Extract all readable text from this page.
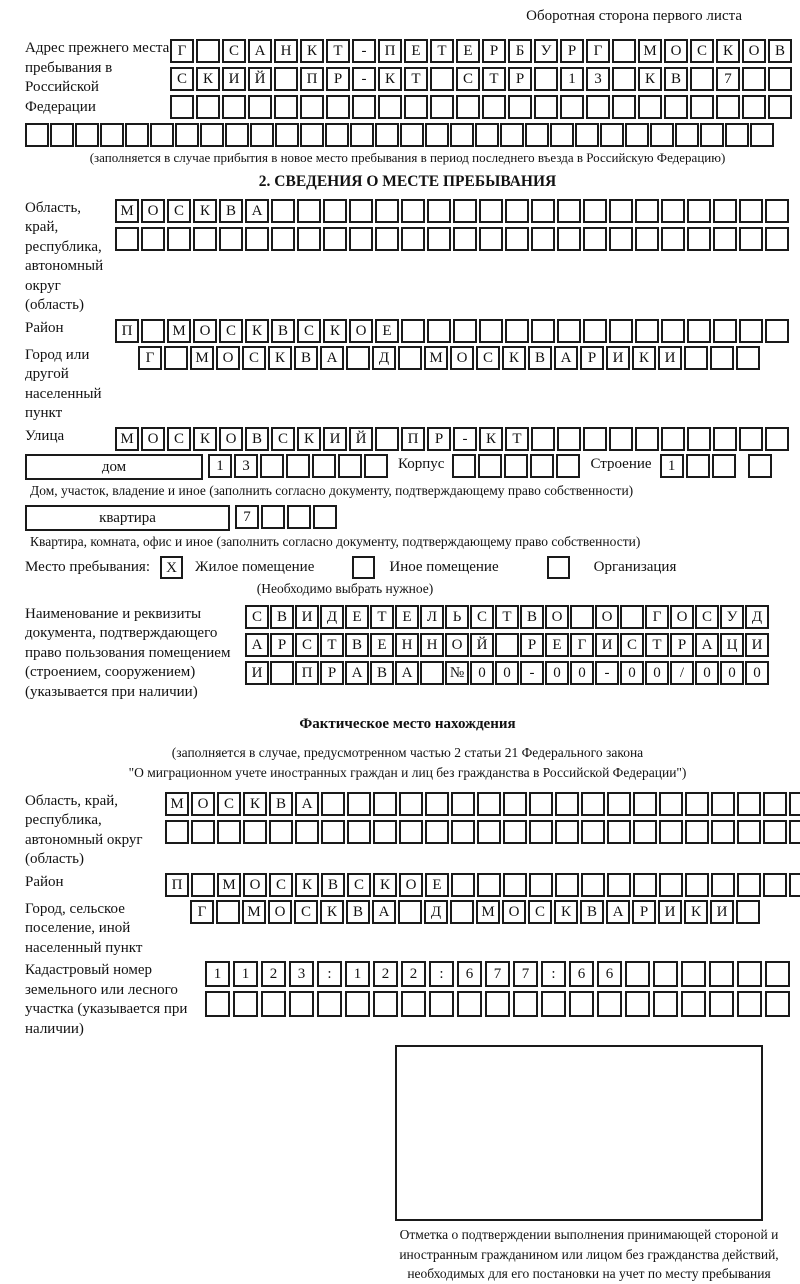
Оборотная сторона первого листа
Адрес прежнего места пребывания в Российской Федерации
Г	С	А	Н	К	Т	-	П	Е	Т	Е	Р	Б	У	Р	Г	М О	С	К	О	В
С	К	И	Й	П	Р	-	К	Т	С	Т	Р	1	3	К	В	7
(заполняется в случае прибытия в новое место пребывания в период последнего въезда в Российскую Федерацию)
2. СВЕДЕНИЯ О МЕСТЕ ПРЕБЫВАНИЯ
Область, край, республика, автономный округ (область)
М О	С	К	В	А
Район	П	М О	С	К	В	С	К	О	Е
Город или другой населенный пункт
Г	М О	С	К	В	А	Д	М О	С	К	В	А	Р	И	К	И
Улица	М О	С	К	О	В	С	К	И	Й	П	Р	-	К	Т
дом	1	3	Корпус	Строение	1
Дом, участок, владение и иное (заполнить согласно документу, подтверждающему право собственности)
квартира	7
Квартира, комната, офис и иное (заполнить согласно документу, подтверждающему право собственности)
Место пребывания:	X	Жилое помещение	Иное помещение	Организация
(Необходимо выбрать нужное)
Наименование и реквизиты документа, подтверждающего право пользования помещением (строением, сооружением) (указывается при наличии)
С В И Д	Е	Т	Е	Л	Ь	С	Т	В О	О	Г	О С У Д
А	Р	С	Т	В	Е	Н Н О Й	Р	Е	Г	И С	Т	Р	А Ц И
И	П	Р	А В А	№ 0	0	-	0	0	-	0	0	/	0	0	0
Фактическое место нахождения
(заполняется в случае, предусмотренном частью 2 статьи 21 Федерального закона
"О миграционном учете иностранных граждан и лиц без гражданства в Российской Федерации")
Область, край, республика, автономный округ (область)
М О	С	К	В	А
Район	П	М О	С	К	В	С	К	О	Е
Город, сельское поселение, иной населенный пункт
Г	М О	С	К	В	А	Д	М О	С	К	В	А	Р	И	К	И
Кадастровый номер земельного или лесного участка (указывается при наличии)
1	1	2	3	:	1	2	2	:	6	7	7	:	6	6
Отметка о подтверждении выполнения принимающей стороной и иностранным гражданином или лицом без гражданства действий, необходимых для его постановки на учет по месту пребывания
